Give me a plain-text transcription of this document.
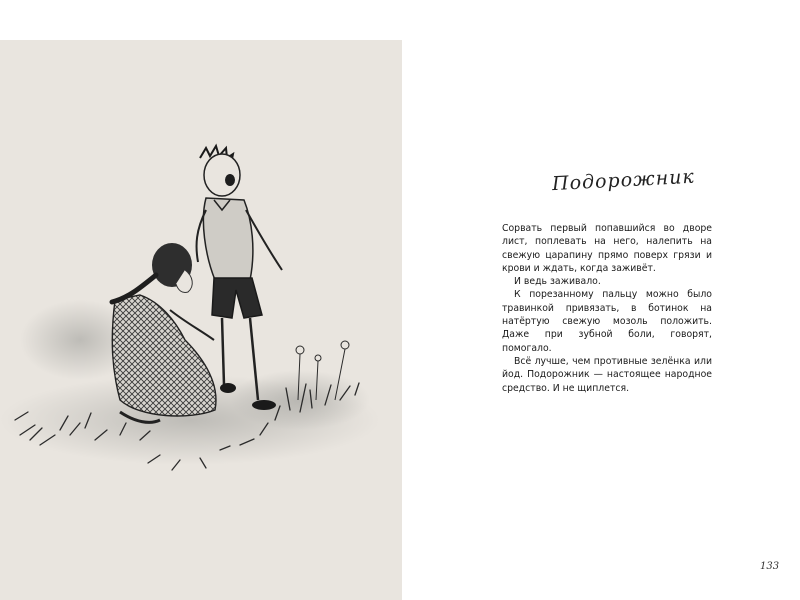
Подорожник

Сорвать первый попавшийся во дворе лист, поплевать на него, налепить на свежую царапину прямо поверх грязи и крови и ждать, когда заживёт.

И ведь заживало.

К порезанному пальцу можно было травинкой привязать, в ботинок на натёртую свежую мозоль положить. Даже при зубной боли, говорят, помогало.

Всё лучше, чем противные зелёнка или йод. Подорожник — настоящее народное средство. И не щиплется.

133
